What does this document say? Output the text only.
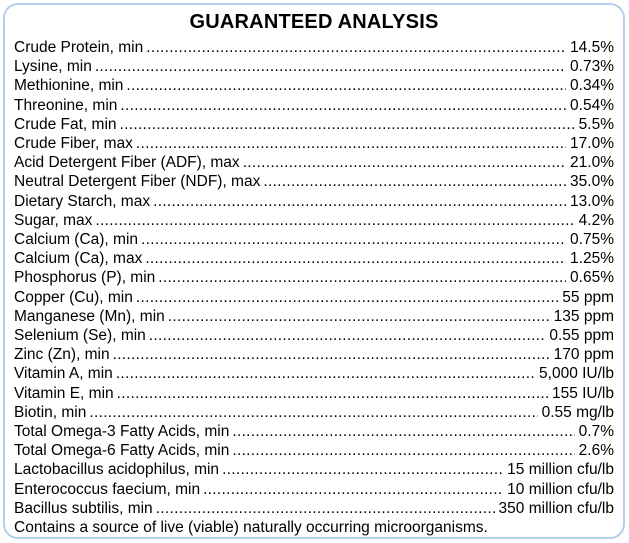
GUARANTEED ANALYSIS
Crude Protein, min .....	14.5%
Lysine, min .....	0.73%
Methionine, min .....	0.34%
Threonine, min .....	0.54%
Crude Fat, min .....	5.5%
Crude Fiber, max .....	17.0%
Acid Detergent Fiber (ADF), max .....	21.0%
Neutral Detergent Fiber (NDF), max .....	35.0%
Dietary Starch, max .....	13.0%
Sugar, max .....	4.2%
Calcium (Ca), min .....	0.75%
Calcium (Ca), max .....	1.25%
Phosphorus (P), min .....	0.65%
Copper (Cu), min .....	55 ppm
Manganese (Mn), min .....	135 ppm
Selenium (Se), min .....	0.55 ppm
Zinc (Zn), min .....	170 ppm
Vitamin A, min .....	5,000 IU/lb
Vitamin E, min .....	155 IU/lb
Biotin, min .....	0.55 mg/lb
Total Omega-3 Fatty Acids, min .....	0.7%
Total Omega-6 Fatty Acids, min .....	2.6%
Lactobacillus acidophilus, min .....	15 million cfu/lb
Enterococcus faecium, min .....	10 million cfu/lb
Bacillus subtilis, min .....	350 million cfu/lb
Contains a source of live (viable) naturally occurring microorganisms.
